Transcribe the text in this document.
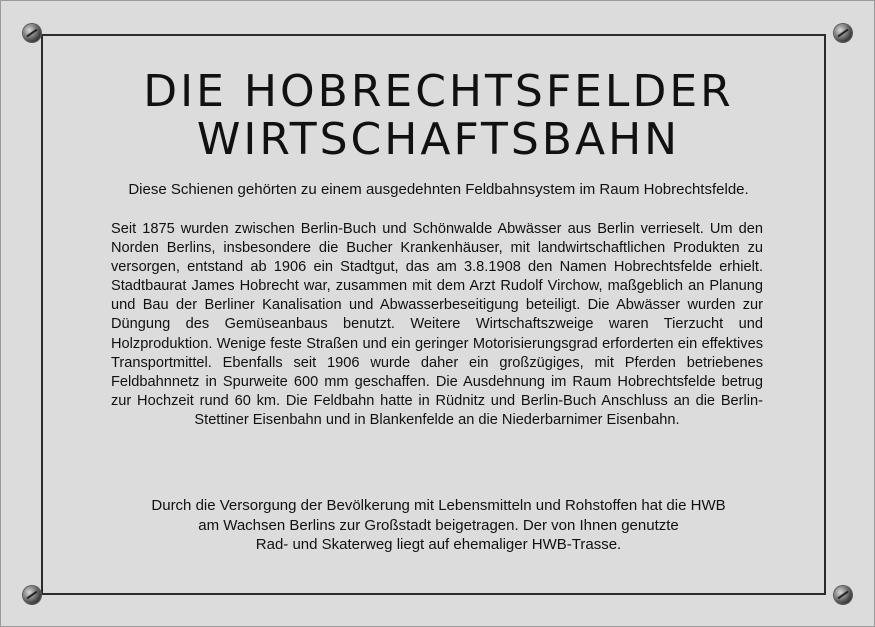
DIE HOBRECHTSFELDER
WIRTSCHAFTSBAHN

Diese Schienen gehörten zu einem ausgedehnten Feldbahnsystem im Raum Hobrechtsfelde.

Seit 1875 wurden zwischen Berlin-Buch und Schönwalde Abwässer aus Berlin verrieselt. Um den Norden Berlins, insbesondere die Bucher Krankenhäuser, mit landwirtschaftlichen Produkten zu versorgen, entstand ab 1906 ein Stadtgut, das am 3.8.1908 den Namen Hobrechtsfelde erhielt. Stadtbaurat James Hobrecht war, zusammen mit dem Arzt Rudolf Virchow, maßgeblich an Planung und Bau der Berliner Kanalisation und Abwasserbeseitigung beteiligt. Die Abwässer wurden zur Düngung des Gemüseanbaus benutzt. Weitere Wirtschaftszweige waren Tierzucht und Holzproduktion. Wenige feste Straßen und ein geringer Motorisierungsgrad erforderten ein effektives Transportmittel. Ebenfalls seit 1906 wurde daher ein großzügiges, mit Pferden betriebenes Feldbahnnetz in Spurweite 600 mm geschaffen. Die Ausdehnung im Raum Hobrechtsfelde betrug zur Hochzeit rund 60 km. Die Feldbahn hatte in Rüdnitz und Berlin-Buch Anschluss an die Berlin-Stettiner Eisenbahn und in Blankenfelde an die Niederbarnimer Eisenbahn.

Durch die Versorgung der Bevölkerung mit Lebensmitteln und Rohstoffen hat die HWB
am Wachsen Berlins zur Großstadt beigetragen. Der von Ihnen genutzte
Rad- und Skaterweg liegt auf ehemaliger HWB-Trasse.
